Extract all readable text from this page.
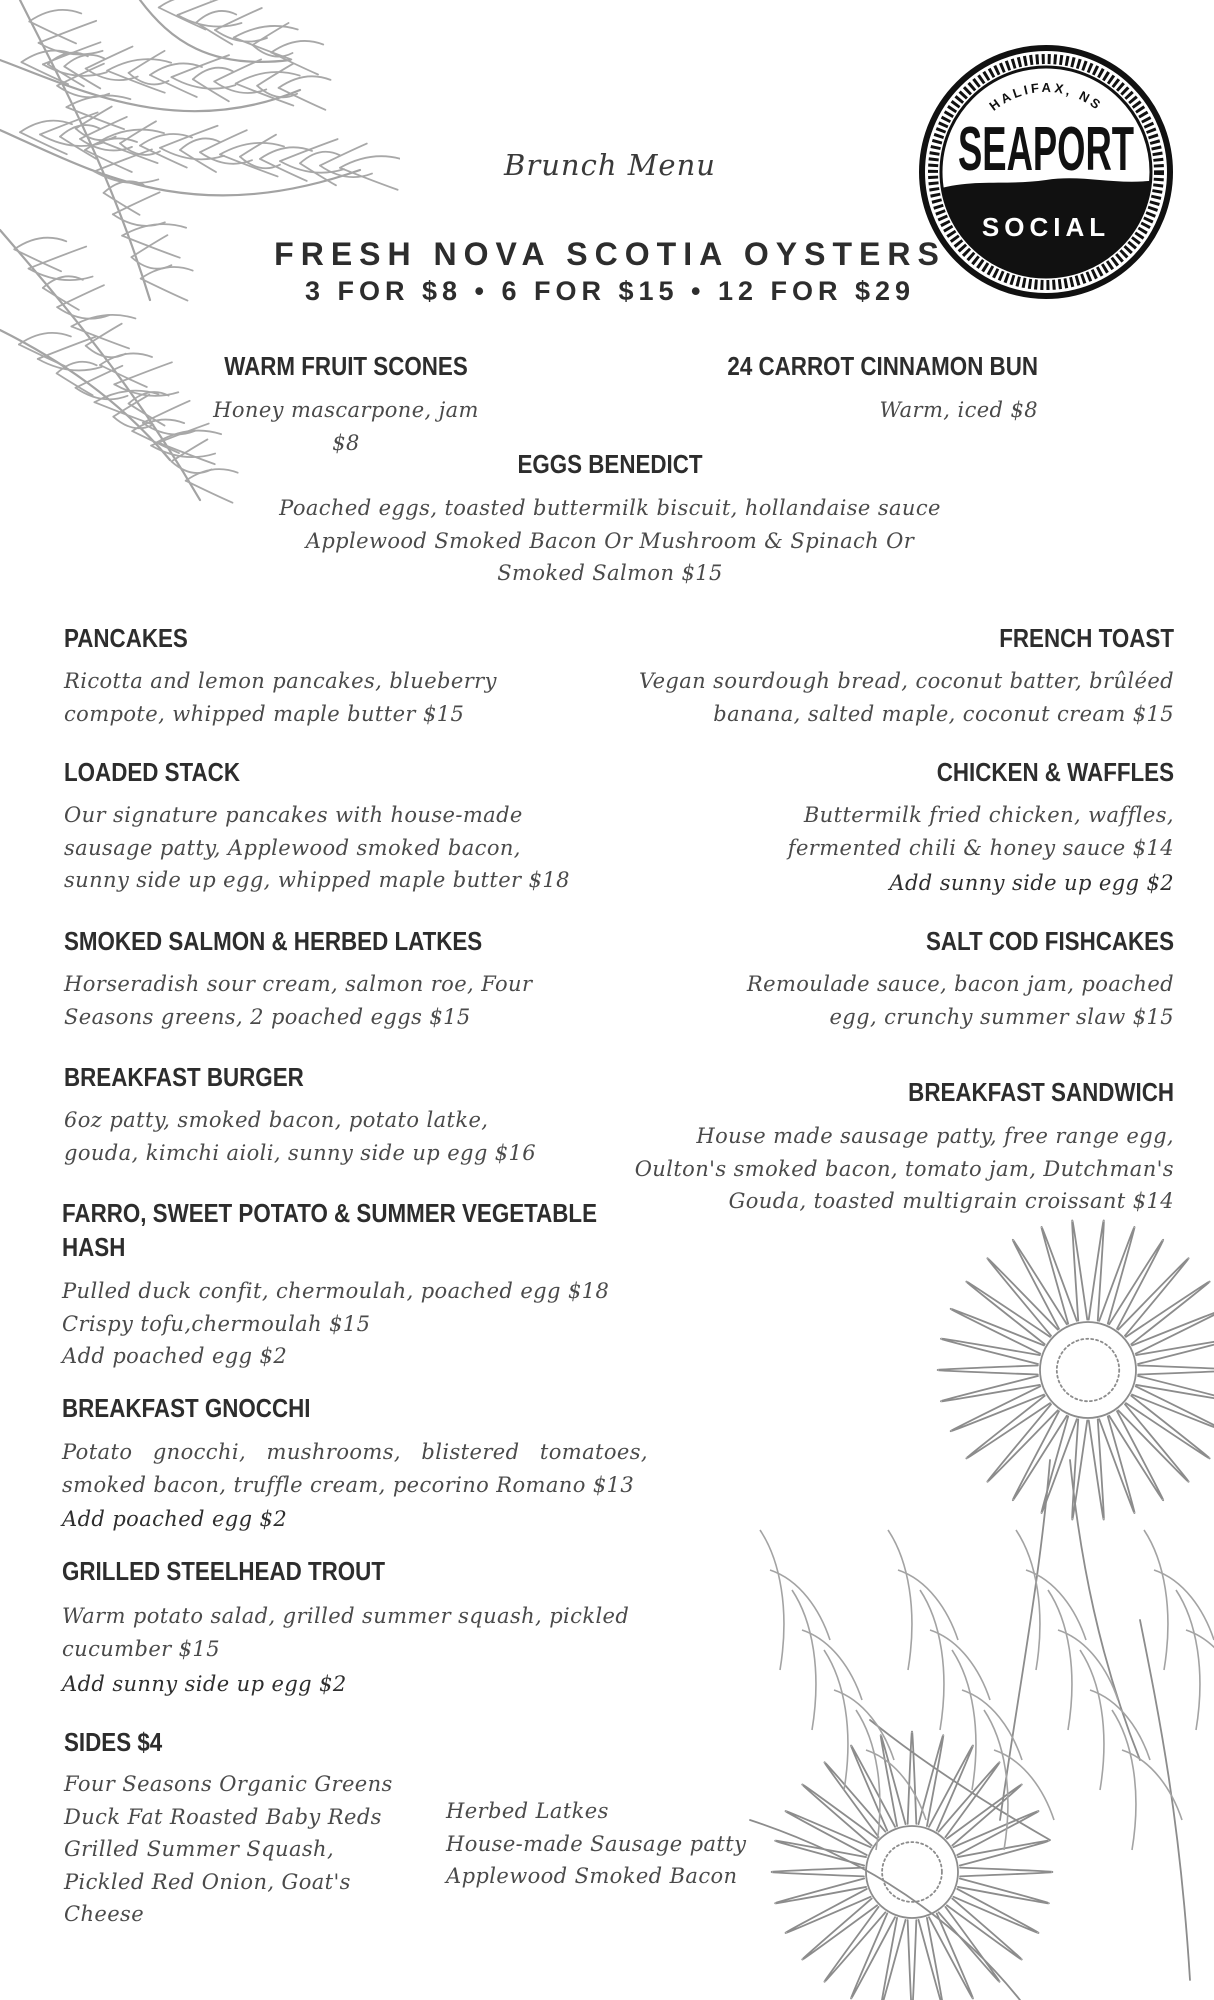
HALIFAX, NS
SEAPORT
SOCIAL
Brunch Menu
FRESH NOVA SCOTIA OYSTERS
3 FOR $8 • 6 FOR $15 • 12 FOR $29
WARM FRUIT SCONES

Honey mascarpone, jam $8

24 CARROT CINNAMON BUN

Warm, iced $8

EGGS BENEDICT

Poached eggs, toasted buttermilk biscuit, hollandaise sauce
Applewood Smoked Bacon Or Mushroom & Spinach Or
Smoked Salmon $15

PANCAKES

Ricotta and lemon pancakes, blueberry
compote, whipped maple butter $15

LOADED STACK

Our signature pancakes with house-made
sausage patty, Applewood smoked bacon,
sunny side up egg, whipped maple butter $18

SMOKED SALMON & HERBED LATKES

Horseradish sour cream, salmon roe, Four
Seasons greens, 2 poached eggs $15

BREAKFAST BURGER

6oz patty, smoked bacon, potato latke,
gouda, kimchi aioli, sunny side up egg $16

FARRO, SWEET POTATO & SUMMER VEGETABLE
HASH

Pulled duck confit, chermoulah, poached egg $18
Crispy tofu,chermoulah $15
Add poached egg $2

BREAKFAST GNOCCHI

Potato gnocchi, mushrooms, blistered tomatoes,
smoked bacon, truffle cream, pecorino Romano $13

Add poached egg $2

GRILLED STEELHEAD TROUT

Warm potato salad, grilled summer squash, pickled
cucumber $15

Add sunny side up egg $2

SIDES $4

Four Seasons Organic Greens
Duck Fat Roasted Baby Reds
Grilled Summer Squash,
Pickled Red Onion, Goat's
Cheese

Herbed Latkes
House-made Sausage patty
Applewood Smoked Bacon

FRENCH TOAST

Vegan sourdough bread, coconut batter, brûléed
banana, salted maple, coconut cream $15

CHICKEN & WAFFLES

Buttermilk fried chicken, waffles,
fermented chili & honey sauce $14

Add sunny side up egg $2

SALT COD FISHCAKES

Remoulade sauce, bacon jam, poached
egg, crunchy summer slaw $15

BREAKFAST SANDWICH

House made sausage patty, free range egg,
Oulton's smoked bacon, tomato jam, Dutchman's
Gouda, toasted multigrain croissant $14
